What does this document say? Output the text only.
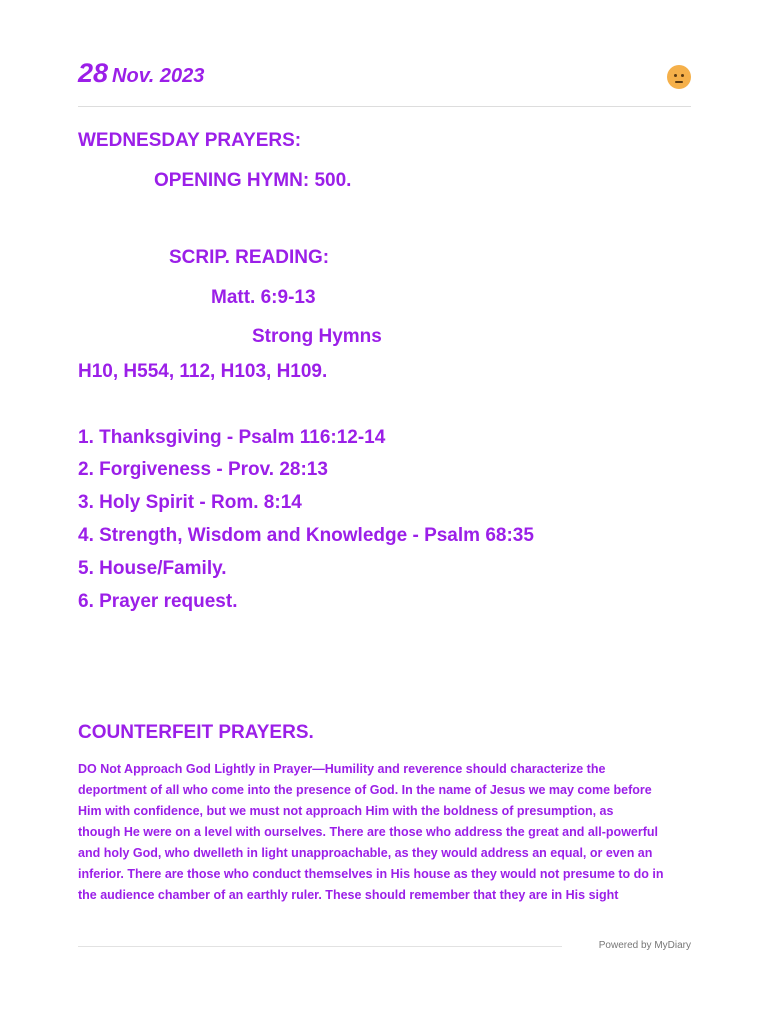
28 Nov. 2023
WEDNESDAY PRAYERS:
OPENING HYMN: 500.
SCRIP. READING:
Matt. 6:9-13
Strong Hymns
H10, H554, 112, H103, H109.
1. Thanksgiving - Psalm 116:12-14
2. Forgiveness - Prov. 28:13
3. Holy Spirit - Rom. 8:14
4. Strength, Wisdom and Knowledge - Psalm 68:35
5. House/Family.
6. Prayer request.
COUNTERFEIT PRAYERS.
DO Not Approach God Lightly in Prayer—Humility and reverence should characterize the
deportment of all who come into the presence of God. In the name of Jesus we may come before
Him with confidence, but we must not approach Him with the boldness of presumption, as
though He were on a level with ourselves. There are those who address the great and all-powerful
and holy God, who dwelleth in light unapproachable, as they would address an equal, or even an
inferior. There are those who conduct themselves in His house as they would not presume to do in
the audience chamber of an earthly ruler. These should remember that they are in His sight
Powered by MyDiary
